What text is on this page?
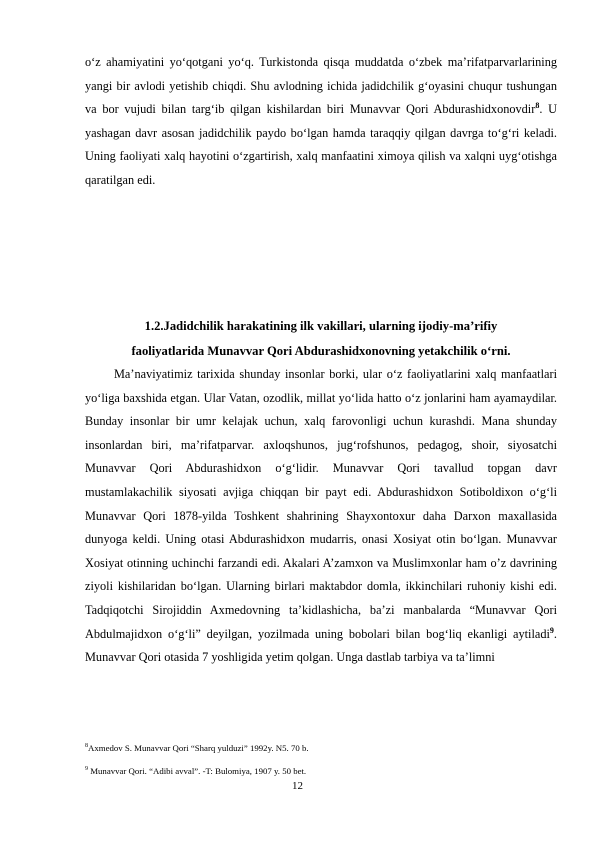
o‘z ahamiyatini yo‘qotgani yo‘q. Turkistonda qisqa muddatda o‘zbek ma’rifatparvarlarining yangi bir avlodi yetishib chiqdi. Shu avlodning ichida jadidchilik g‘oyasini chuqur tushungan va bor vujudi bilan targ‘ib qilgan kishilardan biri Munavvar Qori Abdurashidxonovdir$^8$. U yashagan davr asosan jadidchilik paydo bo‘lgan hamda taraqqiy qilgan davrga to‘g‘ri keladi. Uning faoliyati xalq hayotini o‘zgartirish, xalq manfaatini ximoya qilish va xalqni uyg‘otishga qaratilgan edi.

1.2.Jadidchilik harakatining ilk vakillari, ularning ijodiy-ma’rifiy

faoliyatlarida Munavvar Qori Abdurashidxonovning yetakchilik o‘rni.

Ma’naviyatimiz tarixida shunday insonlar borki, ular o‘z faoliyatlarini xalq manfaatlari yo‘liga baxshida etgan. Ular Vatan, ozodlik, millat yo‘lida hatto o‘z jonlarini ham ayamaydilar. Bunday insonlar bir umr kelajak uchun, xalq farovonligi uchun kurashdi. Mana shunday insonlardan biri, ma’rifatparvar. axloqshunos, jug‘rofshunos, pedagog, shoir, siyosatchi Munavvar Qori Abdurashidxon o‘g‘lidir. Munavvar Qori tavallud topgan davr mustamlakachilik siyosati avjiga chiqqan bir payt edi. Abdurashidxon Sotiboldixon o‘g‘li Munavvar Qori 1878-yilda Toshkent shahrining Shayxontoxur daha Darxon maxallasida dunyoga keldi. Uning otasi Abdurashidxon mudarris, onasi Xosiyat otin bo‘lgan. Munavvar Xosiyat otinning uchinchi farzandi edi. Akalari A’zamxon va Muslimxonlar ham o’z davrining ziyoli kishilaridan bo‘lgan. Ularning birlari maktabdor domla, ikkinchilari ruhoniy kishi edi. Tadqiqotchi Sirojiddin Axmedovning ta’kidlashicha, ba’zi manbalarda “Munavvar Qori Abdulmajidxon o‘g‘li” deyilgan, yozilmada uning bobolari bilan bog‘liq ekanligi aytiladi$^9$. Munavvar Qori otasida 7 yoshligida yetim qolgan. Unga dastlab tarbiya va ta’limni

$^8$Axmedov S. Munavvar Qori “Sharq yulduzi” 1992y. N5. 70 b.

$^9$ Munavvar Qori. “Adibi avval”. -T: Bulomiya, 1907 y. 50 bet.

12
